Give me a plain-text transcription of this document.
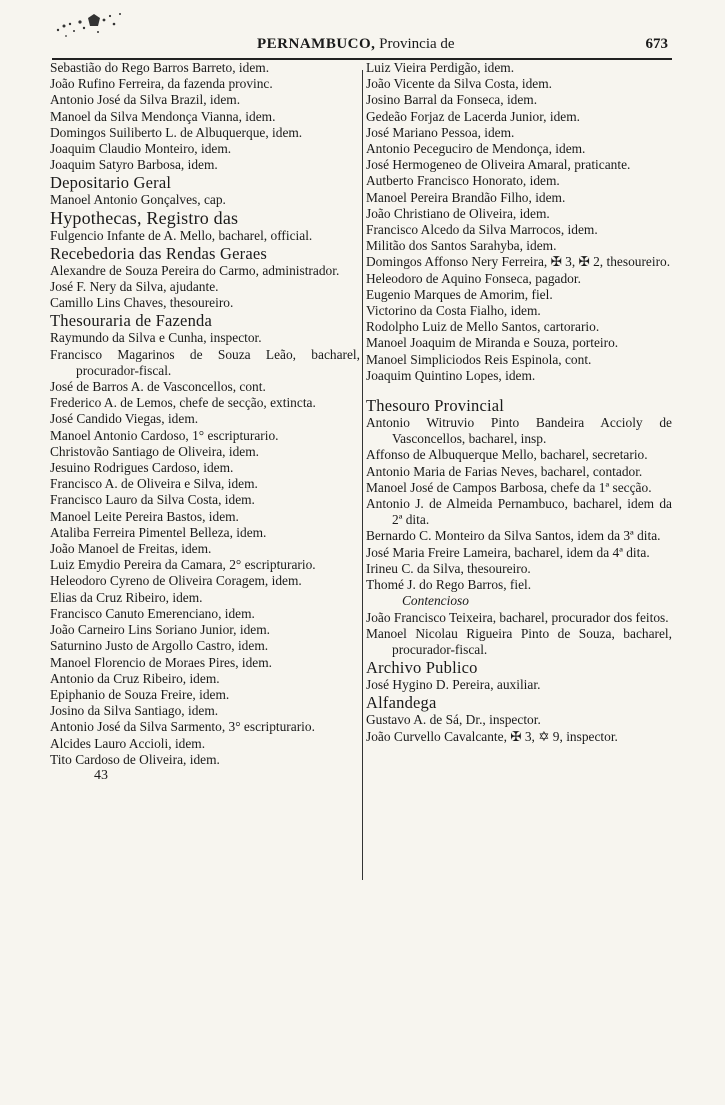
PERNAMBUCO, Provincia de	673

Sebastião do Rego Barros Barreto, idem.

João Rufino Ferreira, da fazenda provinc.

Antonio José da Silva Brazil, idem.

Manoel da Silva Mendonça Vianna, idem.

Domingos Suiliberto L. de Albuquerque, idem.

Joaquim Claudio Monteiro, idem.

Joaquim Satyro Barbosa, idem.

Depositario Geral

Manoel Antonio Gonçalves, cap.

Hypothecas, Registro das

Fulgencio Infante de A. Mello, bacharel, official.

Recebedoria das Rendas Geraes

Alexandre de Souza Pereira do Carmo, administrador.

José F. Nery da Silva, ajudante.

Camillo Lins Chaves, thesoureiro.

Thesouraria de Fazenda

Raymundo da Silva e Cunha, inspector.

Francisco Magarinos de Souza Leão, bacharel, procurador-fiscal.

José de Barros A. de Vasconcellos, cont.

Frederico A. de Lemos, chefe de secção, extincta.

José Candido Viegas, idem.

Manoel Antonio Cardoso, 1° escripturario.

Christovão Santiago de Oliveira, idem.

Jesuino Rodrigues Cardoso, idem.

Francisco A. de Oliveira e Silva, idem.

Francisco Lauro da Silva Costa, idem.

Manoel Leite Pereira Bastos, idem.

Ataliba Ferreira Pimentel Belleza, idem.

João Manoel de Freitas, idem.

Luiz Emydio Pereira da Camara, 2° escripturario.

Heleodoro Cyreno de Oliveira Coragem, idem.

Elias da Cruz Ribeiro, idem.

Francisco Canuto Emerenciano, idem.

João Carneiro Lins Soriano Junior, idem.

Saturnino Justo de Argollo Castro, idem.

Manoel Florencio de Moraes Pires, idem.

Antonio da Cruz Ribeiro, idem.

Epiphanio de Souza Freire, idem.

Josino da Silva Santiago, idem.

Antonio José da Silva Sarmento, 3° escripturario.

Alcides Lauro Accioli, idem.

Tito Cardoso de Oliveira, idem.

43

Luiz Vieira Perdigão, idem.

João Vicente da Silva Costa, idem.

Josino Barral da Fonseca, idem.

Gedeão Forjaz de Lacerda Junior, idem.

José Mariano Pessoa, idem.

Antonio Peceguciro de Mendonça, idem.

José Hermogeneo de Oliveira Amaral, praticante.

Autberto Francisco Honorato, idem.

Manoel Pereira Brandão Filho, idem.

João Christiano de Oliveira, idem.

Francisco Alcedo da Silva Marrocos, idem.

Militão dos Santos Sarahyba, idem.

Domingos Affonso Nery Ferreira, ✠ 3, ✠ 2, thesoureiro.

Heleodoro de Aquino Fonseca, pagador.

Eugenio Marques de Amorim, fiel.

Victorino da Costa Fialho, idem.

Rodolpho Luiz de Mello Santos, cartorario.

Manoel Joaquim de Miranda e Souza, porteiro.

Manoel Simpliciodos Reis Espinola, cont.

Joaquim Quintino Lopes, idem.

Thesouro Provincial

Antonio Witruvio Pinto Bandeira Accioly de Vasconcellos, bacharel, insp.

Affonso de Albuquerque Mello, bacharel, secretario.

Antonio Maria de Farias Neves, bacharel, contador.

Manoel José de Campos Barbosa, chefe da 1ª secção.

Antonio J. de Almeida Pernambuco, bacharel, idem da 2ª dita.

Bernardo C. Monteiro da Silva Santos, idem da 3ª dita.

José Maria Freire Lameira, bacharel, idem da 4ª dita.

Irineu C. da Silva, thesoureiro.

Thomé J. do Rego Barros, fiel.

Contencioso

João Francisco Teixeira, bacharel, procurador dos feitos.

Manoel Nicolau Rigueira Pinto de Souza, bacharel, procurador-fiscal.

Archivo Publico

José Hygino D. Pereira, auxiliar.

Alfandega

Gustavo A. de Sá, Dr., inspector.

João Curvello Cavalcante, ✠ 3, ✡ 9, inspector.
